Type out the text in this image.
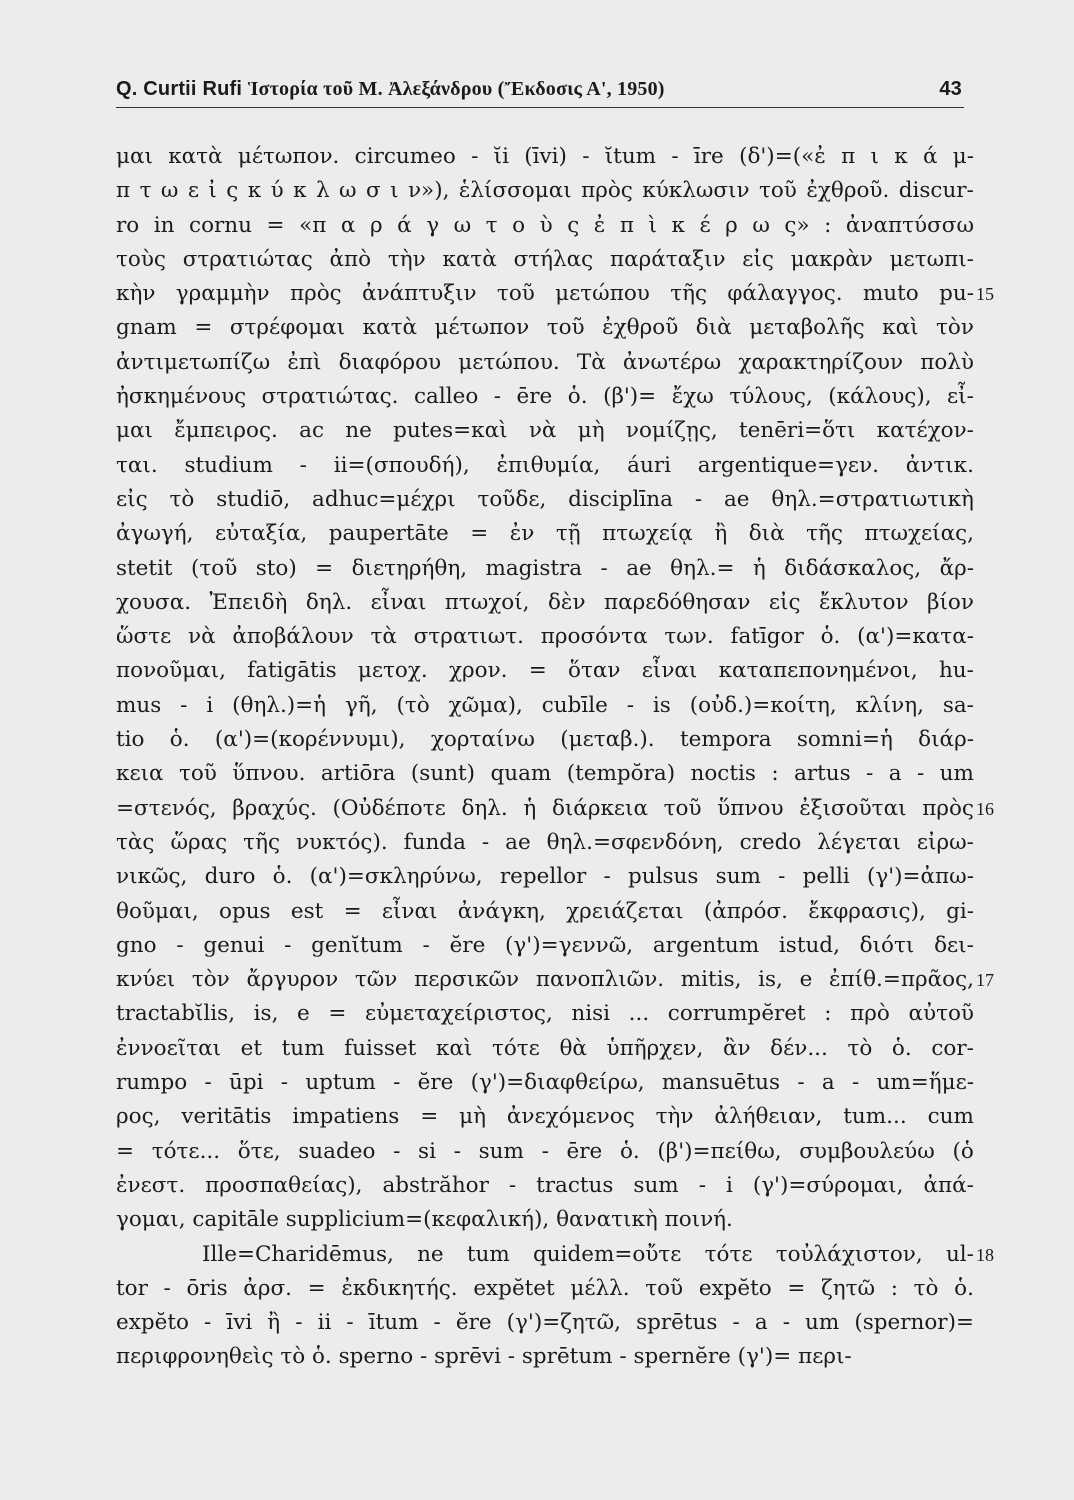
Q. Curtii Rufi Ἱστορία τοῦ Μ. Ἀλεξάνδρου (Ἔκδοσις Α', 1950)	43
μαι κατὰ μέτωπον. circumeo - ῐi (īvi) - ῐtum - īre (δ')=(«ἐ π ι κ ά μ-
π τ ω ε ἰ ς κ ύ κ λ ω σ ι ν»), ἑλίσσομαι πρὸς κύκλωσιν τοῦ ἐχθροῦ. discur-
ro in cornu = «π α ρ ά γ ω τ ο ὺ ς ἐ π ὶ κ έ ρ ω ς» : ἀναπτύσσω
τοὺς στρατιώτας ἀπὸ τὴν κατὰ στήλας παράταξιν εἰς μακρὰν μετωπι-
κὴν γραμμὴν πρὸς ἀνάπτυξιν τοῦ μετώπου τῆς φάλαγγος. muto pu-
gnam = στρέφομαι κατὰ μέτωπον τοῦ ἐχθροῦ διὰ μεταβολῆς καὶ τὸν
ἀντιμετωπίζω ἐπὶ διαφόρου μετώπου. Τὰ ἀνωτέρω χαρακτηρίζουν πολὺ
ἠσκημένους στρατιώτας. calleo - ēre ὁ. (β')= ἔχω τύλους, (κάλους), εἶ-
μαι ἔμπειρος. ac ne putes=καὶ νὰ μὴ νομίζῃς, tenēri=ὅτι κατέχον-
ται. studium - ii=(σπουδή), ἐπιθυμία, áuri argentique=γεν. ἀντικ.
εἰς τὸ studiō, adhuc=μέχρι τοῦδε, disciplīna - ae θηλ.=στρατιωτικὴ
ἀγωγή, εὐταξία, paupertāte = ἐν τῇ πτωχείᾳ ἢ διὰ τῆς πτωχείας,
stetit (τοῦ sto) = διετηρήθη, magistra - ae θηλ.= ἡ διδάσκαλος, ἄρ-
χουσα. Ἐπειδὴ δηλ. εἶναι πτωχοί, δὲν παρεδόθησαν εἰς ἔκλυτον βίον
ὥστε νὰ ἀποβάλουν τὰ στρατιωτ. προσόντα των. fatīgor ὁ. (α')=κατα-
πονοῦμαι, fatigātis μετοχ. χρον. = ὅταν εἶναι καταπεπονημένοι, hu-
mus - i (θηλ.)=ἡ γῆ, (τὸ χῶμα), cubīle - is (οὐδ.)=κοίτη, κλίνη, sa-
tio ὁ. (α')=(κορέννυμι), χορταίνω (μεταβ.). tempora somni=ἡ διάρ-
κεια τοῦ ὕπνου. artiōra (sunt) quam (tempŏra) noctis : artus - a - um
=στενός, βραχύς. (Οὐδέποτε δηλ. ἡ διάρκεια τοῦ ὕπνου ἐξισοῦται πρὸς
τὰς ὥρας τῆς νυκτός). funda - ae θηλ.=σφενδόνη, credo λέγεται εἰρω-
νικῶς, duro ὁ. (α')=σκληρύνω, repellor - pulsus sum - pelli (γ')=ἀπω-
θοῦμαι, opus est = εἶναι ἀνάγκη, χρειάζεται (ἀπρόσ. ἔκφρασις), gi-
gno - genui - genῐtum - ĕre (γ')=γεννῶ, argentum istud, διότι δει-
κνύει τὸν ἄργυρον τῶν περσικῶν πανοπλιῶν. mitis, is, e ἐπίθ.=πρᾶος,
tractabῐlis, is, e = εὐμεταχείριστος, nisi ... corrumpĕret : πρὸ αὐτοῦ
ἐννοεῖται et tum fuisset καὶ τότε θὰ ὑπῆρχεν, ἂν δέν... τὸ ὁ. cor-
rumpo - ūpi - uptum - ĕre (γ')=διαφθείρω, mansuētus - a - um=ἥμε-
ρος, veritātis impatiens = μὴ ἀνεχόμενος τὴν ἀλήθειαν, tum... cum
= τότε... ὅτε, suadeo - si - sum - ēre ὁ. (β')=πείθω, συμβουλεύω (ὁ
ἐνεστ. προσπαθείας), abstrăhor - tractus sum - i (γ')=σύρομαι, ἀπά-
γομαι, capitāle supplicium=(κεφαλική), θανατικὴ ποινή.
Ille=Charidēmus, ne tum quidem=οὔτε τότε τοὐλάχιστον, ul-
tor - ōris ἀρσ. = ἐκδικητής. expĕtet μέλλ. τοῦ expĕto = ζητῶ : τὸ ὁ.
expĕto - īvi ἢ - ii - ītum - ĕre (γ')=ζητῶ, sprētus - a - um (spernor)=
περιφρονηθεὶς τὸ ὁ. sperno - sprēvi - sprētum - spernĕre (γ')= περι-
15
16
17
18
